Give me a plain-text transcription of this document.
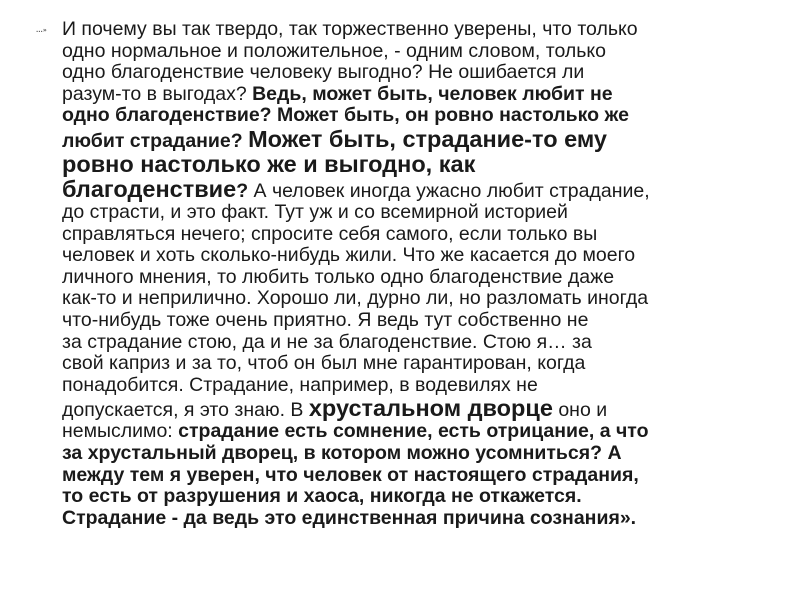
...» И почему вы так твердо, так торжественно уверены, что только
одно нормальное и положительное, - одним словом, только
одно благоденствие человеку выгодно? Не ошибается ли
разум-то в выгодах? Ведь, может быть, человек любит не
одно благоденствие? Может быть, он ровно настолько же
любит страдание? Может быть, страдание-то ему
ровно настолько же и выгодно, как
благоденствие? А человек иногда ужасно любит страдание,
до страсти, и это факт. Тут уж и со всемирной историей
справляться нечего; спросите себя самого, если только вы
человек и хоть сколько-нибудь жили. Что же касается до моего
личного мнения, то любить только одно благоденствие даже
как-то и неприлично. Хорошо ли, дурно ли, но разломать иногда
что-нибудь тоже очень приятно. Я ведь тут собственно не
за страдание стою, да и не за благоденствие. Стою я… за
свой каприз и за то, чтоб он был мне гарантирован, когда
понадобится. Страдание, например, в водевилях не
допускается, я это знаю. В хрустальном дворце оно и
немыслимо: страдание есть сомнение, есть отрицание, а что
за хрустальный дворец, в котором можно усомниться? А
между тем я уверен, что человек от настоящего страдания,
то есть от разрушения и хаоса, никогда не откажется.
Страдание - да ведь это единственная причина сознания».
